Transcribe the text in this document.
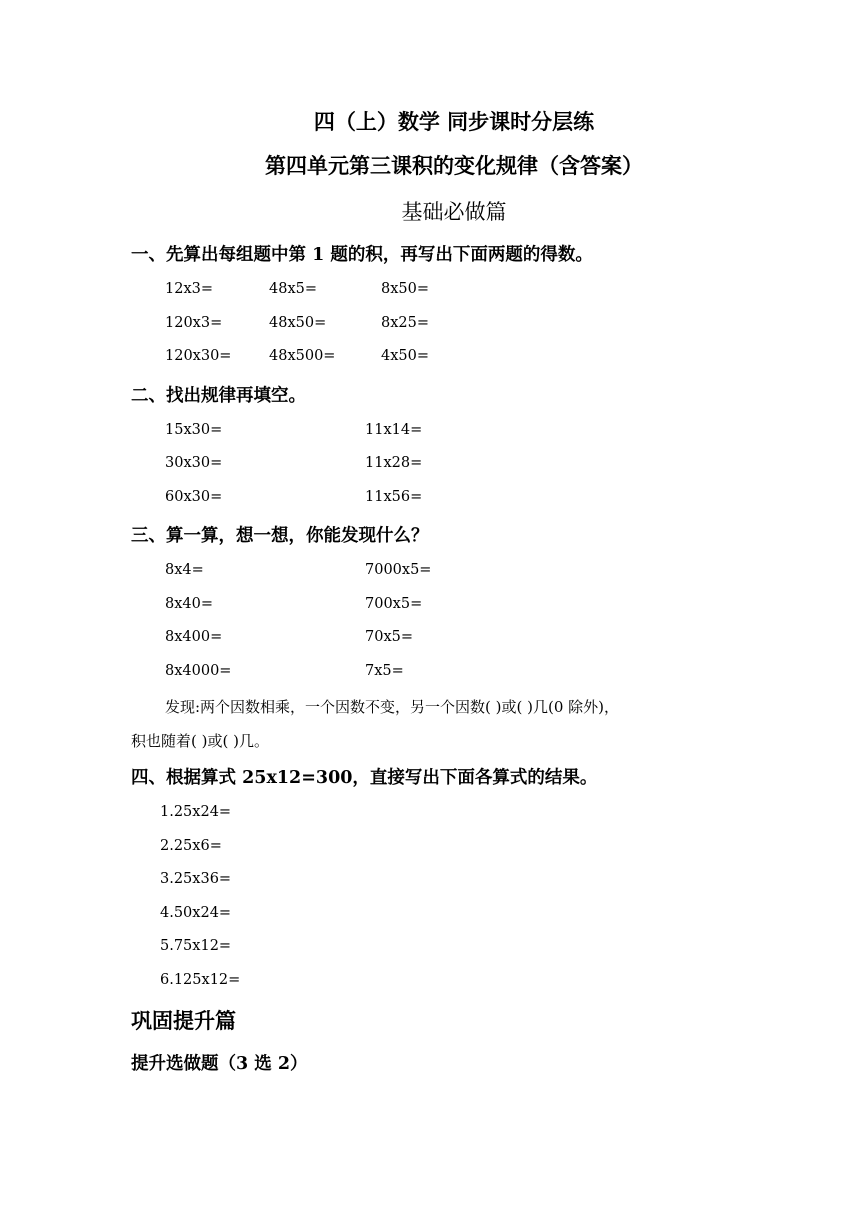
四（上）数学 同步课时分层练
第四单元第三课积的变化规律（含答案）
基础必做篇
一、先算出每组题中第 1 题的积，再写出下面两题的得数。
12x3=	48x5=	8x50=
120x3=	48x50=	8x25=
120x30=	48x500=	4x50=
二、找出规律再填空。
15x30=	11x14=
30x30=	11x28=
60x30=	11x56=
三、算一算，想一想，你能发现什么？
8x4=	7000x5=
8x40=	700x5=
8x400=	70x5=
8x4000=	7x5=
发现:两个因数相乘，一个因数不变，另一个因数( )或( )几(0 除外)，
积也随着( )或( )几。
四、根据算式 25x12=300，直接写出下面各算式的结果。
1.25x24=
2.25x6=
3.25x36=
4.50x24=
5.75x12=
6.125x12=
巩固提升篇
提升选做题（3 选 2）
